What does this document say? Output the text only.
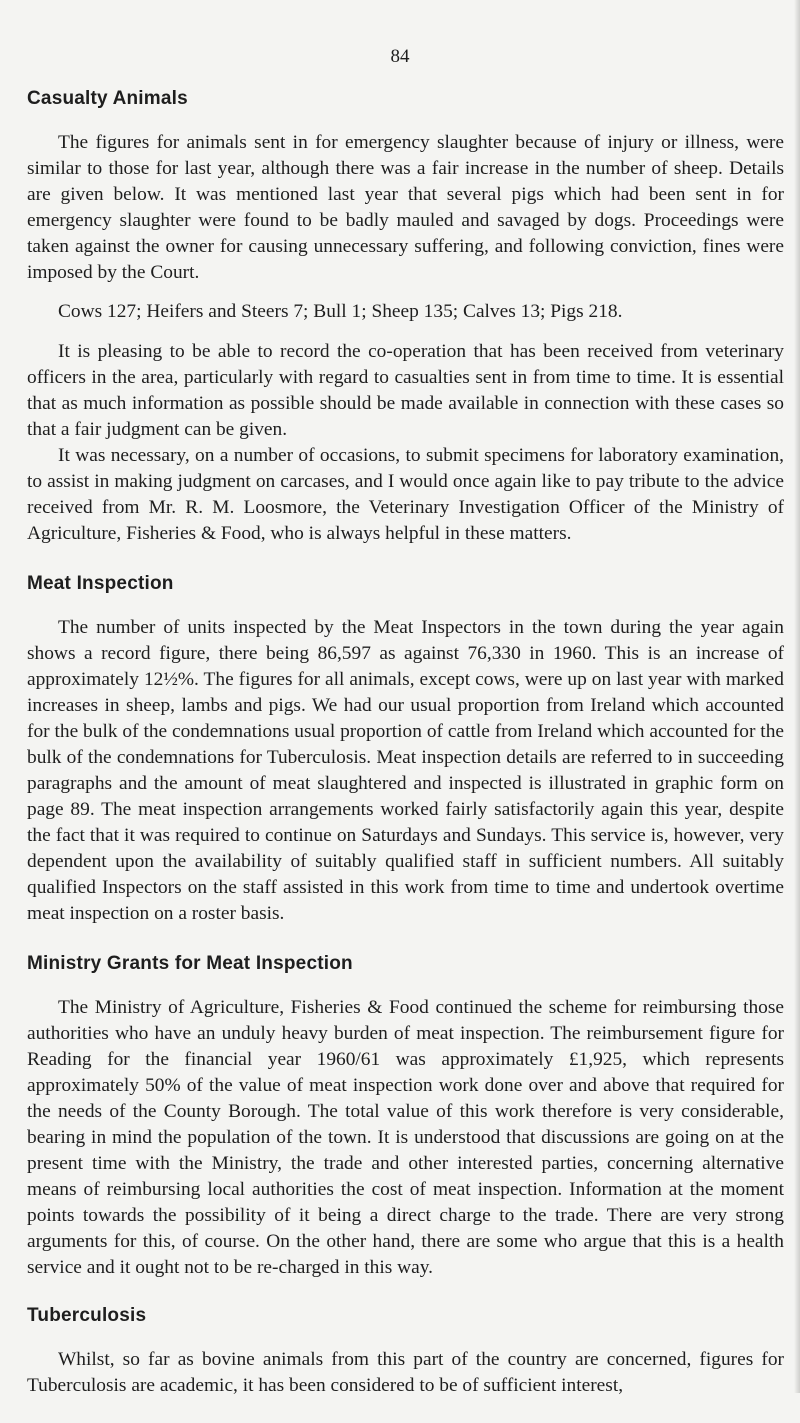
84
Casualty Animals

The figures for animals sent in for emergency slaughter because of injury or illness, were similar to those for last year, although there was a fair increase in the number of sheep. Details are given below. It was mentioned last year that several pigs which had been sent in for emergency slaughter were found to be badly mauled and savaged by dogs. Proceedings were taken against the owner for causing unnecessary suffering, and following conviction, fines were imposed by the Court.

Cows 127; Heifers and Steers 7; Bull 1; Sheep 135; Calves 13; Pigs 218.

It is pleasing to be able to record the co-operation that has been received from veterinary officers in the area, particularly with regard to casualties sent in from time to time. It is essential that as much information as possible should be made available in connection with these cases so that a fair judgment can be given.

It was necessary, on a number of occasions, to submit specimens for laboratory examination, to assist in making judgment on carcases, and I would once again like to pay tribute to the advice received from Mr. R. M. Loosmore, the Veterinary Investigation Officer of the Ministry of Agriculture, Fisheries & Food, who is always helpful in these matters.

Meat Inspection

The number of units inspected by the Meat Inspectors in the town during the year again shows a record figure, there being 86,597 as against 76,330 in 1960. This is an increase of approximately 12½%. The figures for all animals, except cows, were up on last year with marked increases in sheep, lambs and pigs. We had our usual proportion from Ireland which accounted for the bulk of the condemnations usual proportion of cattle from Ireland which accounted for the bulk of the condemnations for Tuberculosis. Meat inspection details are referred to in succeeding paragraphs and the amount of meat slaughtered and inspected is illustrated in graphic form on page 89. The meat inspection arrangements worked fairly satisfactorily again this year, despite the fact that it was required to continue on Saturdays and Sundays. This service is, however, very dependent upon the availability of suitably qualified staff in sufficient numbers. All suitably qualified Inspectors on the staff assisted in this work from time to time and undertook overtime meat inspection on a roster basis.

Ministry Grants for Meat Inspection

The Ministry of Agriculture, Fisheries & Food continued the scheme for reimbursing those authorities who have an unduly heavy burden of meat inspection. The reimbursement figure for Reading for the financial year 1960/61 was approximately £1,925, which represents approximately 50% of the value of meat inspection work done over and above that required for the needs of the County Borough. The total value of this work therefore is very considerable, bearing in mind the population of the town. It is understood that discussions are going on at the present time with the Ministry, the trade and other interested parties, concerning alternative means of reimbursing local authorities the cost of meat inspection. Information at the moment points towards the possibility of it being a direct charge to the trade. There are very strong arguments for this, of course. On the other hand, there are some who argue that this is a health service and it ought not to be re-charged in this way.

Tuberculosis

Whilst, so far as bovine animals from this part of the country are concerned, figures for Tuberculosis are academic, it has been considered to be of sufficient interest,
